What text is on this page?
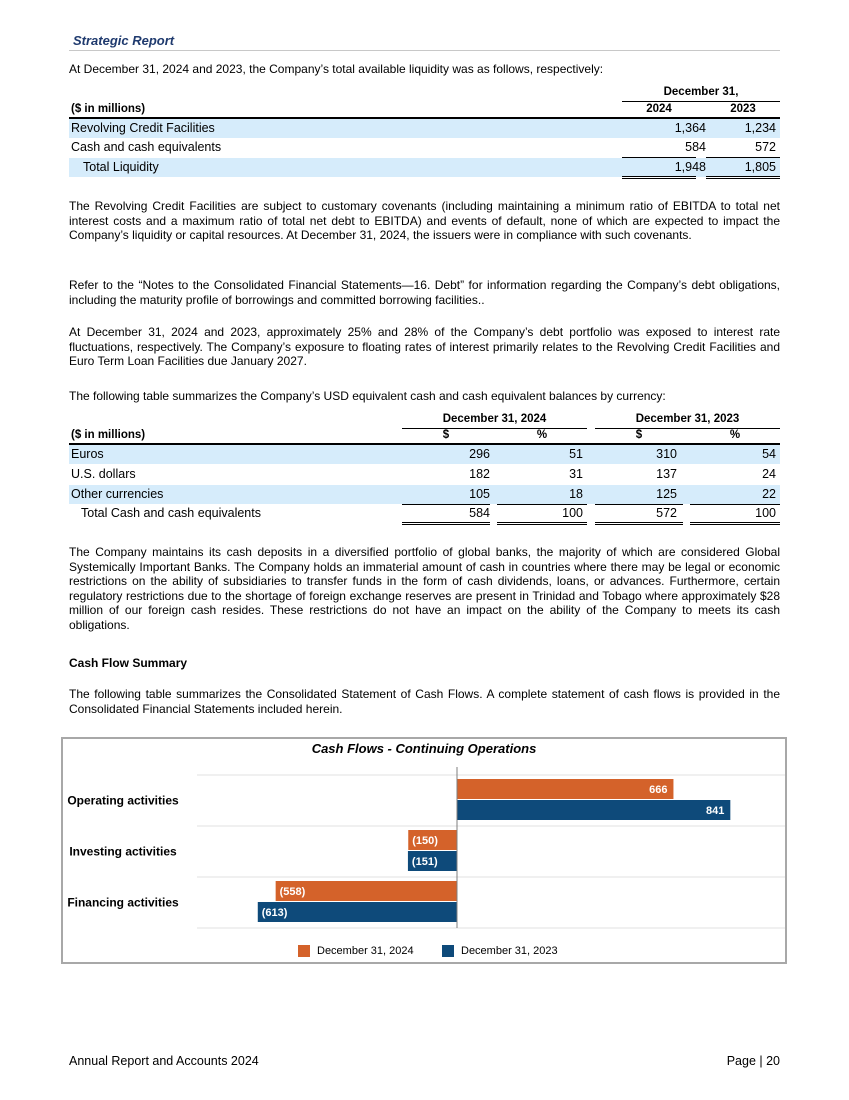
Strategic Report

At December 31, 2024 and 2023, the Company’s total available liquidity was as follows, respectively:

December 31,
($ in millions)	2024	2023
Revolving Credit Facilities	1,364	1,234
Cash and cash equivalents	584	572
Total Liquidity	1,948	1,805

The Revolving Credit Facilities are subject to customary covenants (including maintaining a minimum ratio of EBITDA to total net interest costs and a maximum ratio of total net debt to EBITDA) and events of default, none of which are expected to impact the Company’s liquidity or capital resources. At December 31, 2024, the issuers were in compliance with such covenants.

Refer to the “Notes to the Consolidated Financial Statements—16. Debt” for information regarding the Company’s debt obligations, including the maturity profile of borrowings and committed borrowing facilities..

At December 31, 2024 and 2023, approximately 25% and 28% of the Company’s debt portfolio was exposed to interest rate fluctuations, respectively. The Company’s exposure to floating rates of interest primarily relates to the Revolving Credit Facilities and Euro Term Loan Facilities due January 2027.

The following table summarizes the Company’s USD equivalent cash and cash equivalent balances by currency:

December 31, 2024	December 31, 2023
($ in millions)	$	%	$	%
Euros	296	51	310	54
U.S. dollars	182	31	137	24
Other currencies	105	18	125	22
Total Cash and cash equivalents	584	100	572	100

The Company maintains its cash deposits in a diversified portfolio of global banks, the majority of which are considered Global Systemically Important Banks. The Company holds an immaterial amount of cash in countries where there may be legal or economic restrictions on the ability of subsidiaries to transfer funds in the form of cash dividends, loans, or advances. Furthermore, certain regulatory restrictions due to the shortage of foreign exchange reserves are present in Trinidad and Tobago where approximately $28 million of our foreign cash resides. These restrictions do not have an impact on the ability of the Company to meets its cash obligations.

Cash Flow Summary

The following table summarizes the Consolidated Statement of Cash Flows. A complete statement of cash flows is provided in the Consolidated Financial Statements included herein.

Annual Report and Accounts 2024	Page | 20
Cash Flows - Continuing Operations
Operating activities
666
841
Investing activities
(150)
(151)
Financing activities
(558)
(613)
December 31, 2024	December 31, 2023
